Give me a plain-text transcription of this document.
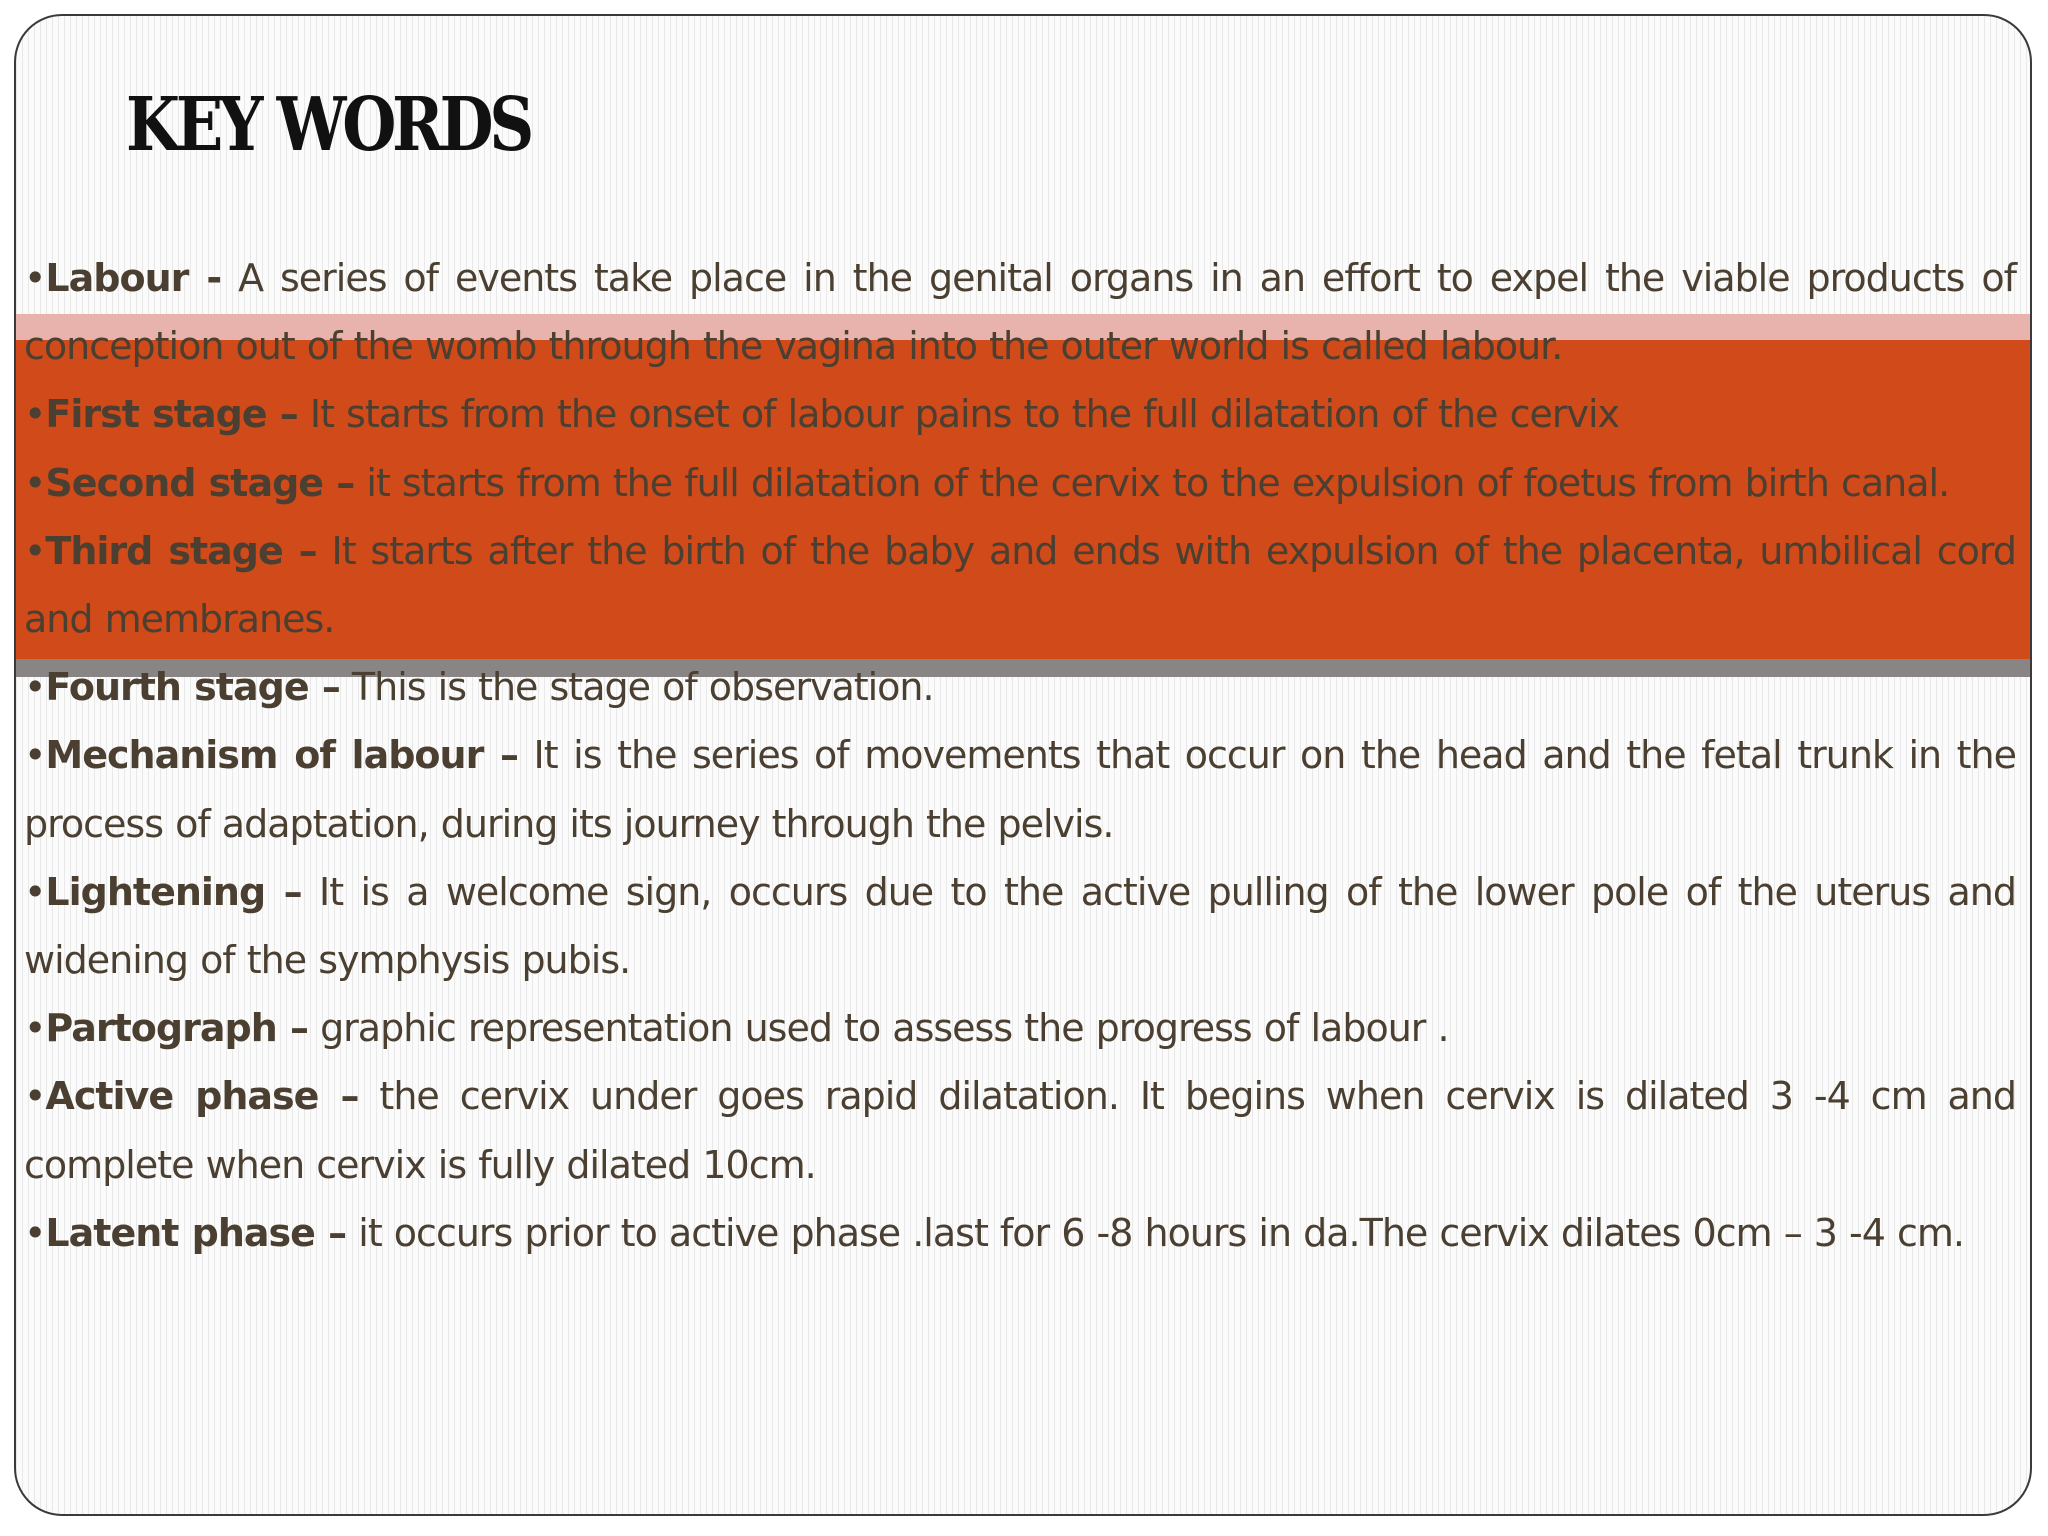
KEY WORDS

•Labour - A series of events take place in the genital organs in an effort to expel the viable products of conception out of the womb through the vagina into the outer world is called labour.

•First stage – It starts from the onset of labour pains to the full dilatation of the cervix

•Second stage – it starts from the full dilatation of the cervix to the expulsion of foetus from birth canal.

•Third stage – It starts after the birth of the baby and ends with expulsion of the placenta, umbilical cord and membranes.

•Fourth stage – This is the stage of observation.

•Mechanism of labour – It is the series of movements that occur on the head and the fetal trunk in the process of adaptation, during its journey through the pelvis.

•Lightening – It is a welcome sign, occurs due to the active pulling of the lower pole of the uterus and widening of the symphysis pubis.

•Partograph – graphic representation used to assess the progress of labour .

•Active phase – the cervix under goes rapid dilatation. It begins when cervix is dilated 3 -4 cm and complete when cervix is fully dilated 10cm.

•Latent phase – it occurs prior to active phase .last for 6 -8 hours in da.The cervix dilates 0cm – 3 -4 cm.
